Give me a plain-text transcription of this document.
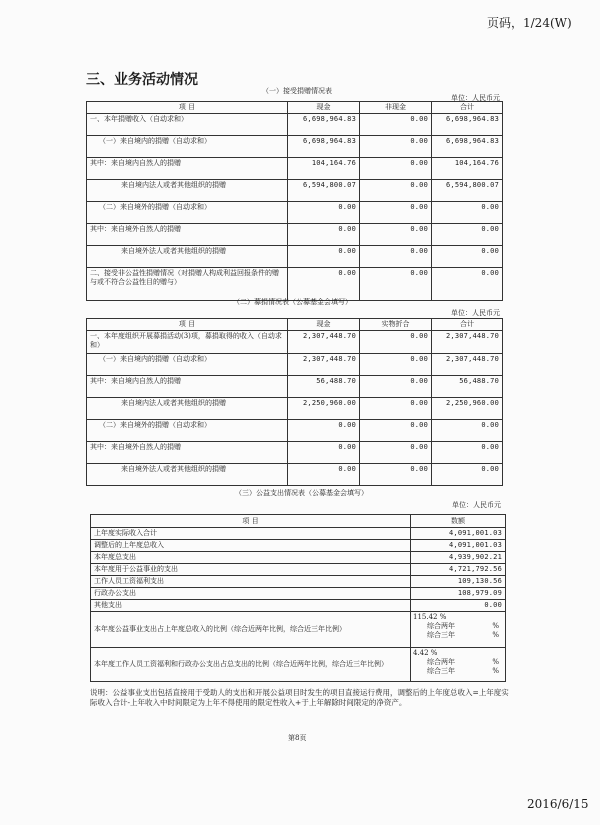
页码，1/24(W)
三、业务活动情况
（一）接受捐赠情况表
单位：人民币元
项 目	现金	非现金	合计
一、本年捐赠收入（自动求和）	6,698,964.83	0.00	6,698,964.83
（一）来自境内的捐赠（自动求和）	6,698,964.83	0.00	6,698,964.83
其中：来自境内自然人的捐赠	104,164.76	0.00	104,164.76
来自境内法人或者其他组织的捐赠	6,594,800.07	0.00	6,594,800.07
（二）来自境外的捐赠（自动求和）	0.00	0.00	0.00
其中：来自境外自然人的捐赠	0.00	0.00	0.00
来自境外法人或者其他组织的捐赠	0.00	0.00	0.00
二、接受非公益性捐赠情况（对捐赠人构成利益回报条件的赠与或不符合公益性目的赠与）	0.00	0.00	0.00
（二）募捐情况表（公募基金会填写）
单位：人民币元
项 目	现金	实物折合	合计
一、本年度组织开展募捐活动(3)项，募捐取得的收入（自动求和）	2,307,448.70	0.00	2,307,448.70
（一）来自境内的捐赠（自动求和）	2,307,448.70	0.00	2,307,448.70
其中：来自境内自然人的捐赠	56,488.70	0.00	56,488.70
来自境内法人或者其他组织的捐赠	2,250,960.00	0.00	2,250,960.00
（二）来自境外的捐赠（自动求和）	0.00	0.00	0.00
其中：来自境外自然人的捐赠	0.00	0.00	0.00
来自境外法人或者其他组织的捐赠	0.00	0.00	0.00
（三）公益支出情况表（公募基金会填写）
单位：人民币元
项 目	数额
上年度实际收入合计	4,091,001.03
调整后的上年度总收入	4,091,001.03
本年度总支出	4,939,902.21
本年度用于公益事业的支出	4,721,792.56
工作人员工资福利支出	109,130.56
行政办公支出	108,979.09
其他支出	0.00
本年度公益事业支出占上年度总收入的比例（综合近两年比例，综合近三年比例）	115.42 %
综合两年 %
综合三年 %

本年度工作人员工资福利和行政办公支出占总支出的比例（综合近两年比例，综合近三年比例）	4.42 %
综合两年 %
综合三年 %
说明：公益事业支出包括直接用于受助人的支出和开展公益项目时发生的项目直接运行费用，调整后的上年度总收入=上年度实际收入合计-上年收入中时间限定为上年不得使用的限定性收入+于上年解除时间限定的净资产。
第8页
2016/6/15
